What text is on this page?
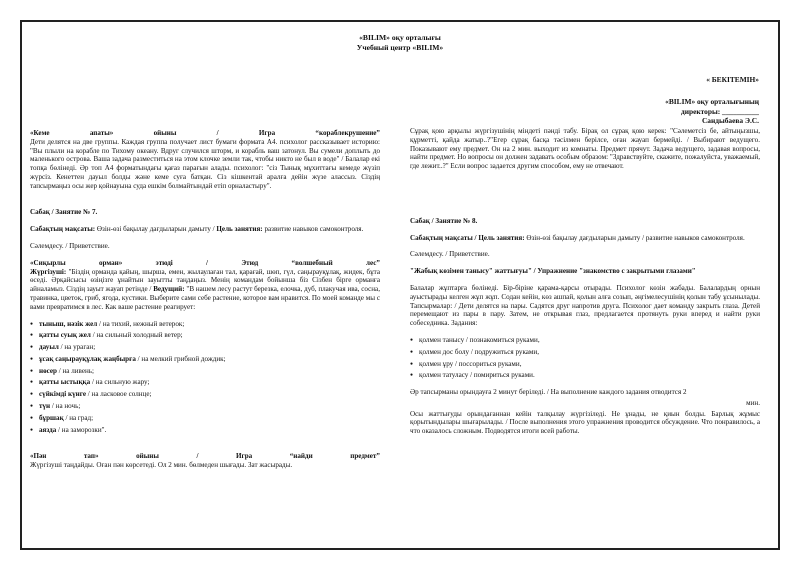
«BILIM» оқу орталығы
Учебный центр «BILIM»
« БЕКІТЕМІН»
«BILIM» оқу орталығының
директоры: __________
Сандыбаева Э.С.
«Кеме	апаты»	ойыны	/	Игра	“кораблекрушение”

Дети делятся на две группы. Каждая группа получает лист бумаги формата А4. психолог рассказывает историю: "Вы плыли на корабле по Тихому океану. Вдруг случился шторм, и корабль ваш затонул. Вы сумели доплыть до маленького острова. Ваша задача разместиться на этом клочке земли так, чтобы никто не был в воде" / Балалар екі топқа бөлінеді. Әр топ А4 форматындағы қағаз парағын алады. психолог: "сіз Тынық мұхиттағы кемеде жүзіп жүрсіз. Кенеттен дауыл болды және кеме суға батқан. Сіз кішкентай аралға дейін жүзе алассыз. Сіздің тапсырмаңыз осы жер қойнауына суда ешкім болмайтындай етіп орналастыру".

Сабақ / Занятие № 7.

Сабақтың мақсаты: Өзін-өзі бақылау дағдыларын дамыту / Цель занятия: развитие навыков самоконтроля.

Сәлемдесу. / Приветствие.

«Сиқырлы	орман»	этюді	/	Этюд	“волшебный	лес”

Жүргізуші: "Біздің орманда қайың, шырша, емен, жылаулаған тал, қарағай, шөп, гүл, саңырауқұлақ, жидек, бұта өседі. Әрқайсысы өзіңізге ұнайтын зауытты таңдаңыз. Менің командам бойынша бiз Сізбен бірге орманға айналамыз. Сіздің зауыт жауап ретінде / Ведущий: "В нашем лесу растут березка, елочка, дуб, плакучая ива, сосна, травинка, цветок, гриб, ягода, кустики. Выберите сами себе растение, которое вам нравится. По моей команде мы с вами превратимся в лес. Как ваше растение реагирует:

● тыныш, нәзік жел / на тихий, нежный ветерок;
● қатты суық жел / на сильный холодный ветер;
● дауыл / на ураган;
● ұсақ саңырауқұлақ жаңбырға / на мелкий грибной дождик;
● нөсер / на ливень;
● қатты ыстыққа / на сильную жару;
● сүйкімді күнге / на ласковое солнце;
● түн / на ночь;
● бұршақ / на град;
● аязда / на заморозки".
«Пән	тап»	ойыны	/	Игра	“найди	предмет”

Жүргізуші таңдайды. Оған пән көрсетеді. Ол 2 мин. бөлмеден шығады. Зат жасырады.

Сұрақ қою арқылы жүргізушінің міндеті пәнді табу. Бірақ ол сұрақ қою керек: "Сәлеметсіз бе, айтыңызшы, құрметті, қайда жатыр..?"Егер сұрақ басқа тәсілмен берілсе, оған жауап бермейді. / Выбирают ведущего. Показывают ему предмет. Он на 2 мин. выходит из комнаты. Предмет прячут. Задача ведущего, задавая вопросы, найти предмет. Но вопросы он должен задавать особым образом: "Здравствуйте, скажите, пожалуйста, уважаемый, где лежит..?" Если вопрос задается другим способом, ему не отвечают.

Сабақ / Занятие № 8.

Сабақтың мақсаты / Цель занятия: Өзін-өзі бақылау дағдыларын дамыту / развитие навыков самоконтроля.

Сәлемдесу. / Приветствие.

"Жабық көзімен танысу" жаттығуы" / Упражнение "знакомство с закрытыми глазами"

Балалар жұптарға бөлінеді. Бір-біріне қарама-қарсы отырады. Психолог көзін жабады. Балалардың орнын ауыстырады келген жұп жұп. Содан кейін, көз ашпай, қолын алға созып, әңгімелесушінің қолын табу ұсынылады. Тапсырмалар: / Дети делятся на пары. Садятся друг напротив друга. Психолог дает команду закрыть глаза. Детей перемещают из пары в пару. Затем, не открывая глаз, предлагается протянуть руки вперед и найти руки собеседника. Задания:

● қолмен танысу / познакомиться руками,
● қолмен дос болу / подружиться руками,
● қолмен ұру / поссориться руками,
● қолмен татуласу / помириться руками.

Әр тапсырманы орындауға 2 минут беріледі. / На выполнение каждого задания отводится 2

мин.

Осы жаттығуды орындағаннан кейін талқылау жүргізіледі. Не ұнады, не қиын болды. Барлық жұмыс қорытындылары шығарылады. / После выполнения этого упражнения проводится обсуждение. Что понравилось, а что оказалось сложным. Подводятся итоги всей работы.
